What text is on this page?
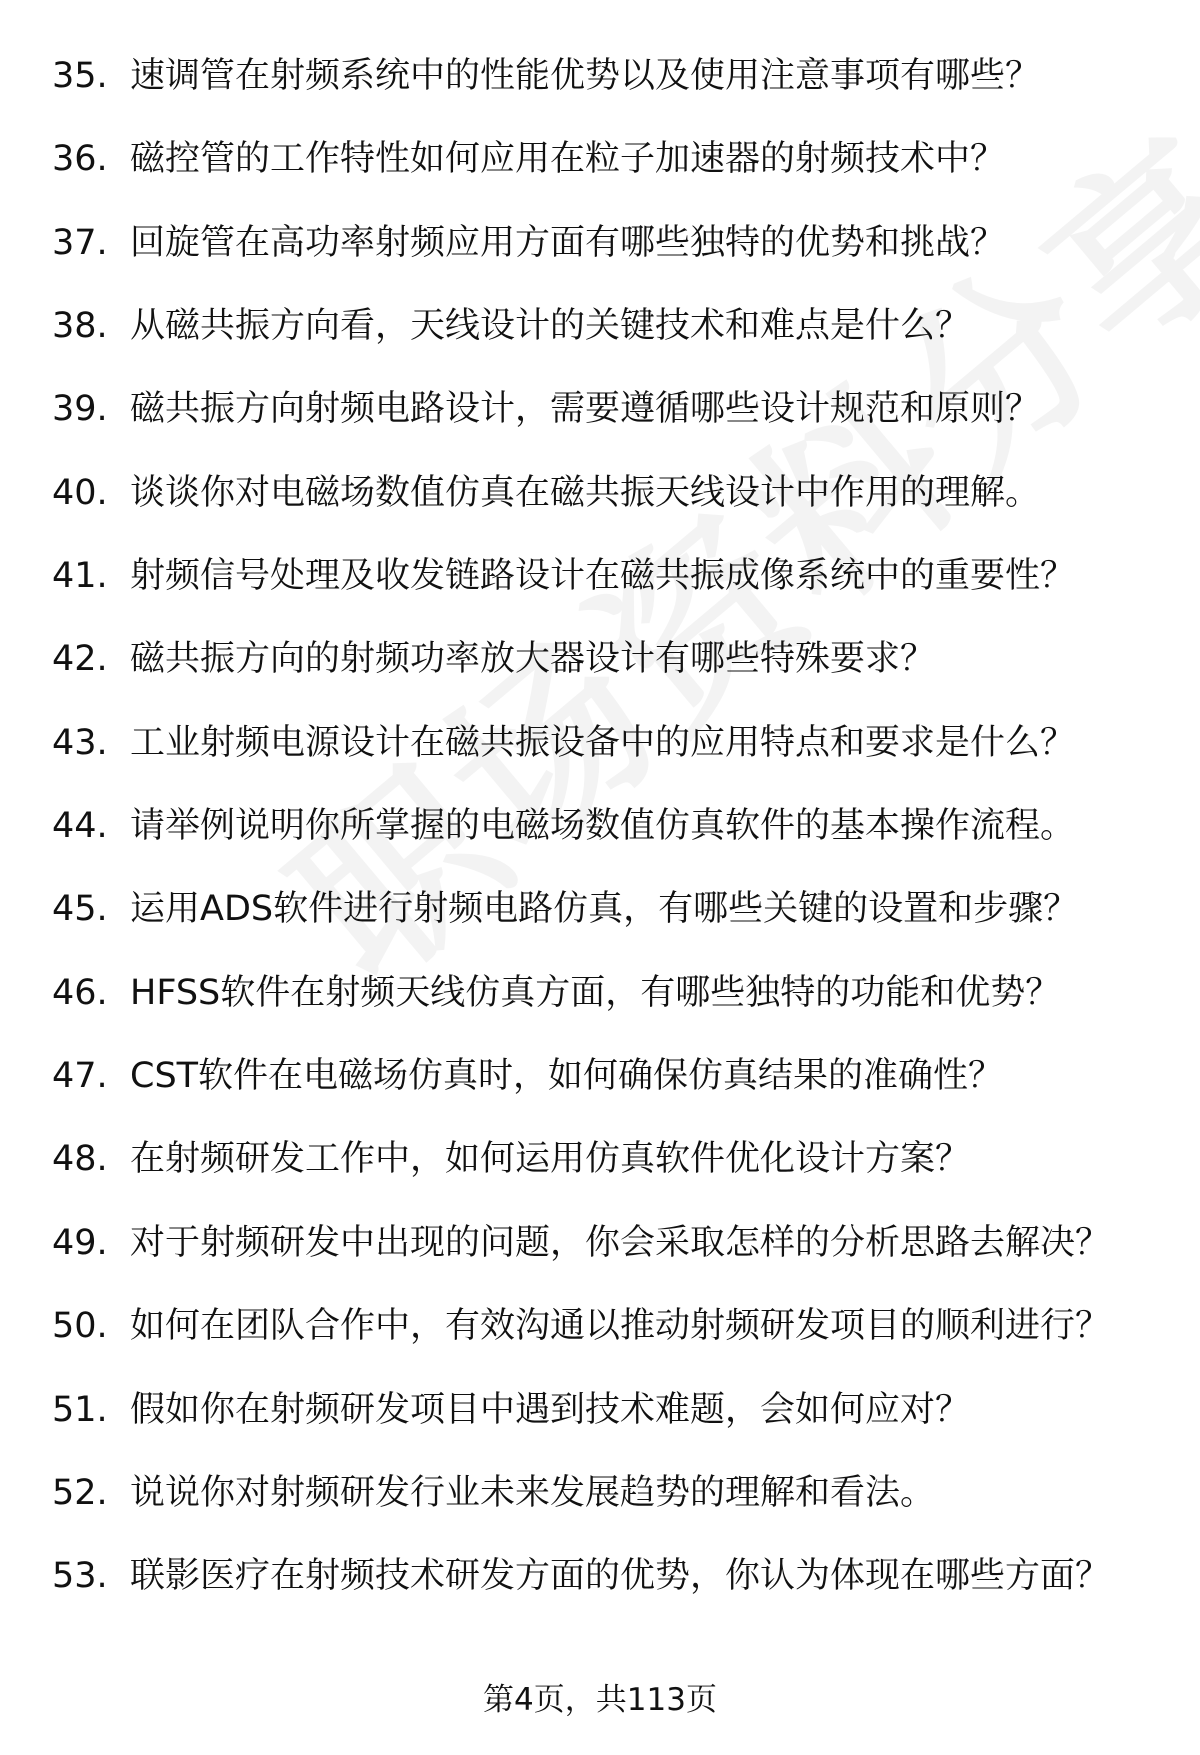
35. 速调管在射频系统中的性能优势以及使用注意事项有哪些？
36. 磁控管的工作特性如何应用在粒子加速器的射频技术中？
37. 回旋管在高功率射频应用方面有哪些独特的优势和挑战？
38. 从磁共振方向看，天线设计的关键技术和难点是什么？
39. 磁共振方向射频电路设计，需要遵循哪些设计规范和原则？
40. 谈谈你对电磁场数值仿真在磁共振天线设计中作用的理解。
41. 射频信号处理及收发链路设计在磁共振成像系统中的重要性？
42. 磁共振方向的射频功率放大器设计有哪些特殊要求？
43. 工业射频电源设计在磁共振设备中的应用特点和要求是什么？
44. 请举例说明你所掌握的电磁场数值仿真软件的基本操作流程。
45. 运用ADS软件进行射频电路仿真，有哪些关键的设置和步骤？
46. HFSS软件在射频天线仿真方面，有哪些独特的功能和优势？
47. CST软件在电磁场仿真时，如何确保仿真结果的准确性？
48. 在射频研发工作中，如何运用仿真软件优化设计方案？
49. 对于射频研发中出现的问题，你会采取怎样的分析思路去解决？
50. 如何在团队合作中，有效沟通以推动射频研发项目的顺利进行？
51. 假如你在射频研发项目中遇到技术难题，会如何应对？
52. 说说你对射频研发行业未来发展趋势的理解和看法。
53. 联影医疗在射频技术研发方面的优势，你认为体现在哪些方面？
第4页，共113页
